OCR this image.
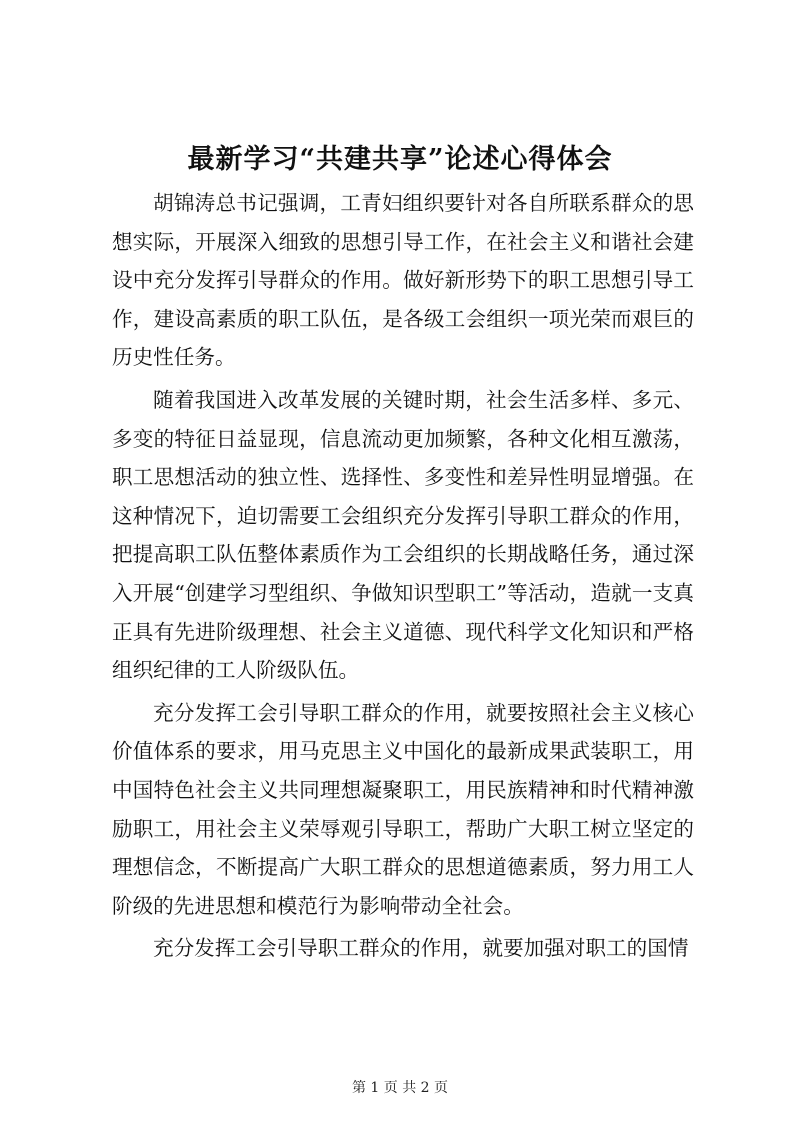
最新学习“共建共享”论述心得体会

胡锦涛总书记强调，工青妇组织要针对各自所联系群众的思想实际，开展深入细致的思想引导工作，在社会主义和谐社会建设中充分发挥引导群众的作用。做好新形势下的职工思想引导工作，建设高素质的职工队伍，是各级工会组织一项光荣而艰巨的历史性任务。

随着我国进入改革发展的关键时期，社会生活多样、多元、多变的特征日益显现，信息流动更加频繁，各种文化相互激荡，职工思想活动的独立性、选择性、多变性和差异性明显增强。在这种情况下，迫切需要工会组织充分发挥引导职工群众的作用，把提高职工队伍整体素质作为工会组织的长期战略任务，通过深入开展“创建学习型组织、争做知识型职工”等活动，造就一支真正具有先进阶级理想、社会主义道德、现代科学文化知识和严格组织纪律的工人阶级队伍。

充分发挥工会引导职工群众的作用，就要按照社会主义核心价值体系的要求，用马克思主义中国化的最新成果武装职工，用中国特色社会主义共同理想凝聚职工，用民族精神和时代精神激励职工，用社会主义荣辱观引导职工，帮助广大职工树立坚定的理想信念，不断提高广大职工群众的思想道德素质，努力用工人阶级的先进思想和模范行为影响带动全社会。

充分发挥工会引导职工群众的作用，就要加强对职工的国情

第 1 页 共 2 页
